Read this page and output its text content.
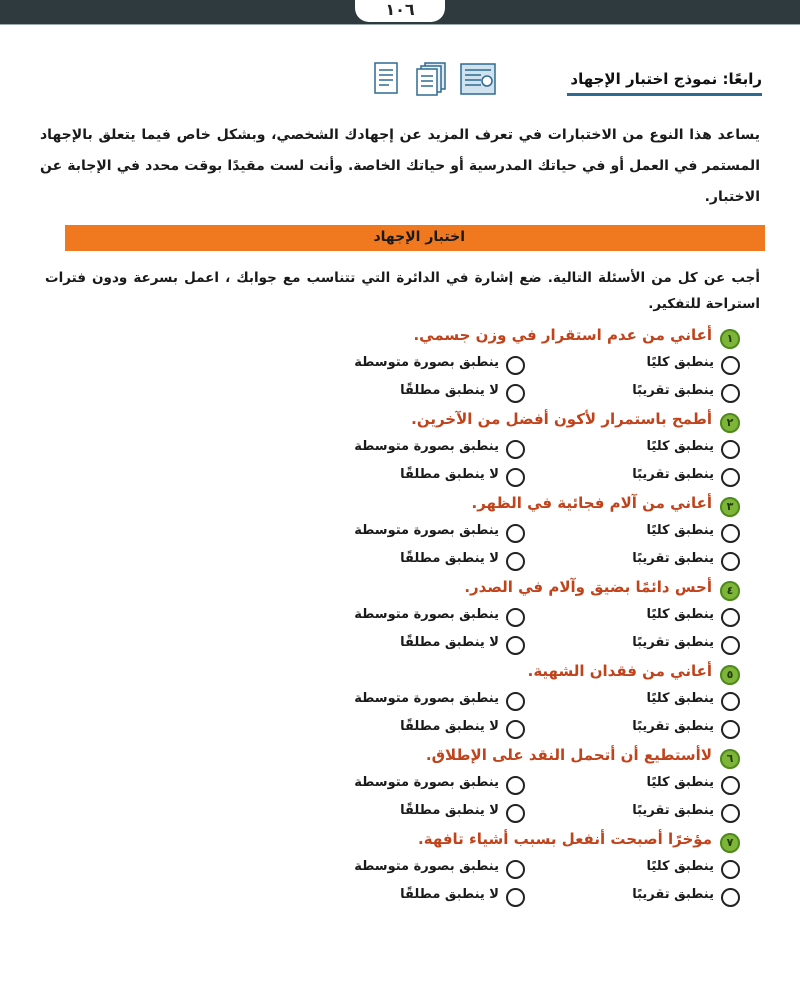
١٠٦
رابعًا: نموذج اختبار الإجهاد
يساعد هذا النوع من الاختبارات في تعرف المزيد عن إجهادك الشخصي، وبشكل خاص فيما يتعلق بالإجهاد المستمر في العمل أو في حياتك المدرسية أو حياتك الخاصة. وأنت لست مقيدًا بوقت محدد في الإجابة عن الاختبار.
اختبار الإجهاد
أجب عن كل من الأسئلة التالية. ضع إشارة في الدائرة التي تتناسب مع جوابك ، اعمل بسرعة ودون فترات استراحة للتفكير.
١
أعاني من عدم استقرار في وزن جسمي.
ينطبق كليًا
ينطبق بصورة متوسطة
ينطبق تقريبًا
لا ينطبق مطلقًا
٢
أطمح باستمرار لأكون أفضل من الآخرين.
ينطبق كليًا
ينطبق بصورة متوسطة
ينطبق تقريبًا
لا ينطبق مطلقًا
٣
أعاني من آلام فجائية في الظهر.
ينطبق كليًا
ينطبق بصورة متوسطة
ينطبق تقريبًا
لا ينطبق مطلقًا
٤
أحس دائمًا بضيق وآلام في الصدر.
ينطبق كليًا
ينطبق بصورة متوسطة
ينطبق تقريبًا
لا ينطبق مطلقًا
٥
أعاني من فقدان الشهية.
ينطبق كليًا
ينطبق بصورة متوسطة
ينطبق تقريبًا
لا ينطبق مطلقًا
٦
لاأستطيع أن أتحمل النقد على الإطلاق.
ينطبق كليًا
ينطبق بصورة متوسطة
ينطبق تقريبًا
لا ينطبق مطلقًا
٧
مؤخرًا أصبحت أنفعل بسبب أشياء تافهة.
ينطبق كليًا
ينطبق بصورة متوسطة
ينطبق تقريبًا
لا ينطبق مطلقًا
